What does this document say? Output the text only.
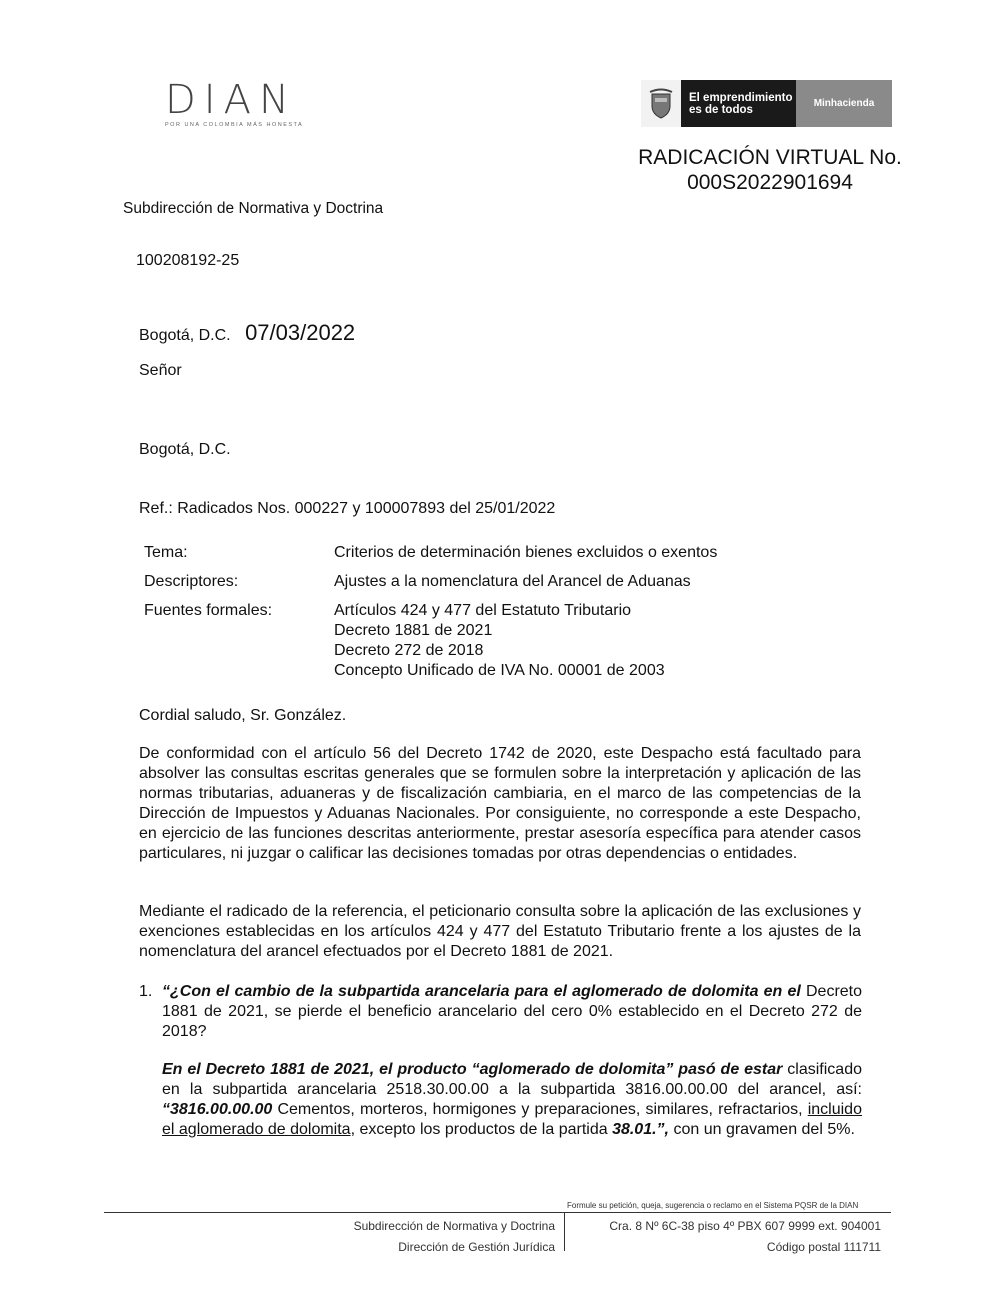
DIAN
POR UNA COLOMBIA MÁS HONESTA
El emprendimiento
es de todos
Minhacienda
RADICACIÓN VIRTUAL No.
000S2022901694
Subdirección de Normativa y Doctrina
100208192-25
Bogotá, D.C. 07/03/2022
Señor
Bogotá, D.C.
Ref.: Radicados Nos. 000227 y 100007893 del 25/01/2022
Tema:	Criterios de determinación bienes excluidos o exentos
Descriptores:	Ajustes a la nomenclatura del Arancel de Aduanas
Fuentes formales:	Artículos 424 y 477 del Estatuto Tributario
Decreto 1881 de 2021
Decreto 272 de 2018
Concepto Unificado de IVA No. 00001 de 2003
Cordial saludo, Sr. González.
De conformidad con el artículo 56 del Decreto 1742 de 2020, este Despacho está facultado para absolver las consultas escritas generales que se formulen sobre la interpretación y aplicación de las normas tributarias, aduaneras y de fiscalización cambiaria, en el marco de las competencias de la Dirección de Impuestos y Aduanas Nacionales. Por consiguiente, no corresponde a este Despacho, en ejercicio de las funciones descritas anteriormente, prestar asesoría específica para atender casos particulares, ni juzgar o calificar las decisiones tomadas por otras dependencias o entidades.
Mediante el radicado de la referencia, el peticionario consulta sobre la aplicación de las exclusiones y exenciones establecidas en los artículos 424 y 477 del Estatuto Tributario frente a los ajustes de la nomenclatura del arancel efectuados por el Decreto 1881 de 2021.
1. “¿Con el cambio de la subpartida arancelaria para el aglomerado de dolomita en el Decreto 1881 de 2021, se pierde el beneficio arancelario del cero 0% establecido en el Decreto 272 de 2018?
En el Decreto 1881 de 2021, el producto “aglomerado de dolomita” pasó de estar clasificado en la subpartida arancelaria 2518.30.00.00 a la subpartida 3816.00.00.00 del arancel, así: “3816.00.00.00 Cementos, morteros, hormigones y preparaciones, similares, refractarios, incluido el aglomerado de dolomita, excepto los productos de la partida 38.01.”, con un gravamen del 5%.
Formule su petición, queja, sugerencia o reclamo en el Sistema PQSR de la DIAN
Subdirección de Normativa y Doctrina
Dirección de Gestión Jurídica
Cra. 8 Nº 6C-38 piso 4º PBX 607 9999 ext. 904001
Código postal 111711
